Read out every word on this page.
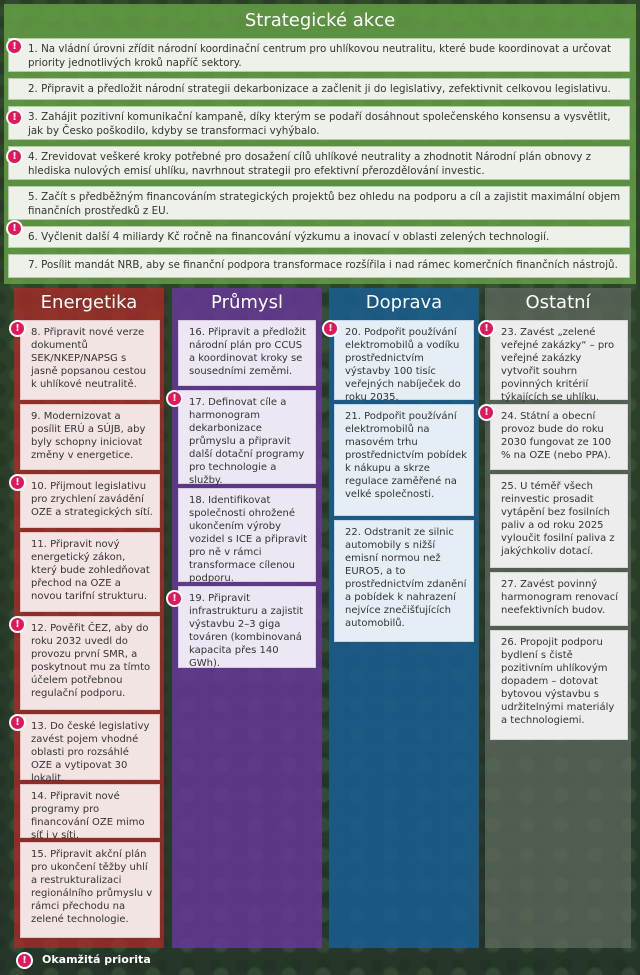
Strategické akce
1. Na vládní úrovni zřídit národní koordinační centrum pro uhlíkovou neutralitu, které bude koordinovat a určovat priority jednotlivých kroků napříč sektory.
2. Připravit a předložit národní strategii dekarbonizace a začlenit ji do legislativy, zefektivnit celkovou legislativu.
3. Zahájit pozitivní komunikační kampaně, díky kterým se podaří dosáhnout společenského konsensu a vysvětlit, jak by Česko poškodilo, kdyby se transformaci vyhýbalo.
4. Zrevidovat veškeré kroky potřebné pro dosažení cílů uhlíkové neutrality a zhodnotit Národní plán obnovy z hlediska nulových emisí uhlíku, navrhnout strategii pro efektivní přerozdělování investic.
5. Začít s předběžným financováním strategických projektů bez ohledu na podporu a cíl a zajistit maximální objem finančních prostředků z EU.
6. Vyčlenit další 4 miliardy Kč ročně na financování výzkumu a inovací v oblasti zelených technologií.
7. Posílit mandát NRB, aby se finanční podpora transformace rozšířila i nad rámec komerčních finančních nástrojů.
!
!
!
!
Energetika	Průmysl	Doprava	Ostatní
8. Připravit nové verze dokumentů SEK/NKEP/NAPSG s jasně popsanou cestou k uhlíkové neutralitě.
9. Modernizovat a posílit ERÚ a SÚJB, aby byly schopny iniciovat změny v energetice.
10. Přijmout legislativu pro zrychlení zavádění OZE a strategických sítí.
11. Připravit nový energetický zákon, který bude zohledňovat přechod na OZE a novou tarifní strukturu.
12. Pověřit ČEZ, aby do roku 2032 uvedl do provozu první SMR, a poskytnout mu za tímto účelem potřebnou regulační podporu.
13. Do české legislativy zavést pojem vhodné oblasti pro rozsáhlé OZE a vytipovat 30 lokalit.
14. Připravit nové programy pro financování OZE mimo síť i v síti.
15. Připravit akční plán pro ukončení těžby uhlí a restrukturalizaci regionálního průmyslu v rámci přechodu na zelené technologie.
!
!
!
!
16. Připravit a předložit národní plán pro CCUS a koordinovat kroky se sousedními zeměmi.
17. Definovat cíle a harmonogram dekarbonizace průmyslu a připravit další dotační programy pro technologie a služby.
18. Identifikovat společnosti ohrožené ukončením výroby vozidel s ICE a připravit pro ně v rámci transformace cílenou podporu.
19. Připravit infrastrukturu a zajistit výstavbu 2–3 giga továren (kombinovaná kapacita přes 140 GWh).
!
!
20. Podpořit používání elektromobilů a vodíku prostřednictvím výstavby 100 tisíc veřejných nabíječek do roku 2035.
21. Podpořit používání elektromobilů na masovém trhu prostřednictvím pobídek k nákupu a skrze regulace zaměřené na velké společnosti.
22. Odstranit ze silnic automobily s nižší emisní normou než EURO5, a to prostřednictvím zdanění a pobídek k nahrazení nejvíce znečišťujících automobilů.
!	23. Zavést „zelené veřejné zakázky“ – pro veřejné zakázky vytvořit souhrn povinných kritérií týkajících se uhlíku.
24. Státní a obecní provoz bude do roku 2030 fungovat ze 100 % na OZE (nebo PPA).
25. U téměř všech reinvestic prosadit vytápění bez fosilních paliv a od roku 2025 vyloučit fosilní paliva z jakýchkoliv dotací.
27. Zavést povinný harmonogram renovací neefektivních budov.
26. Propojit podporu bydlení s čistě pozitivním uhlíkovým dopadem – dotovat bytovou výstavbu s udržitelnými materiály a technologiemi.
!
!
!	Okamžitá priorita
